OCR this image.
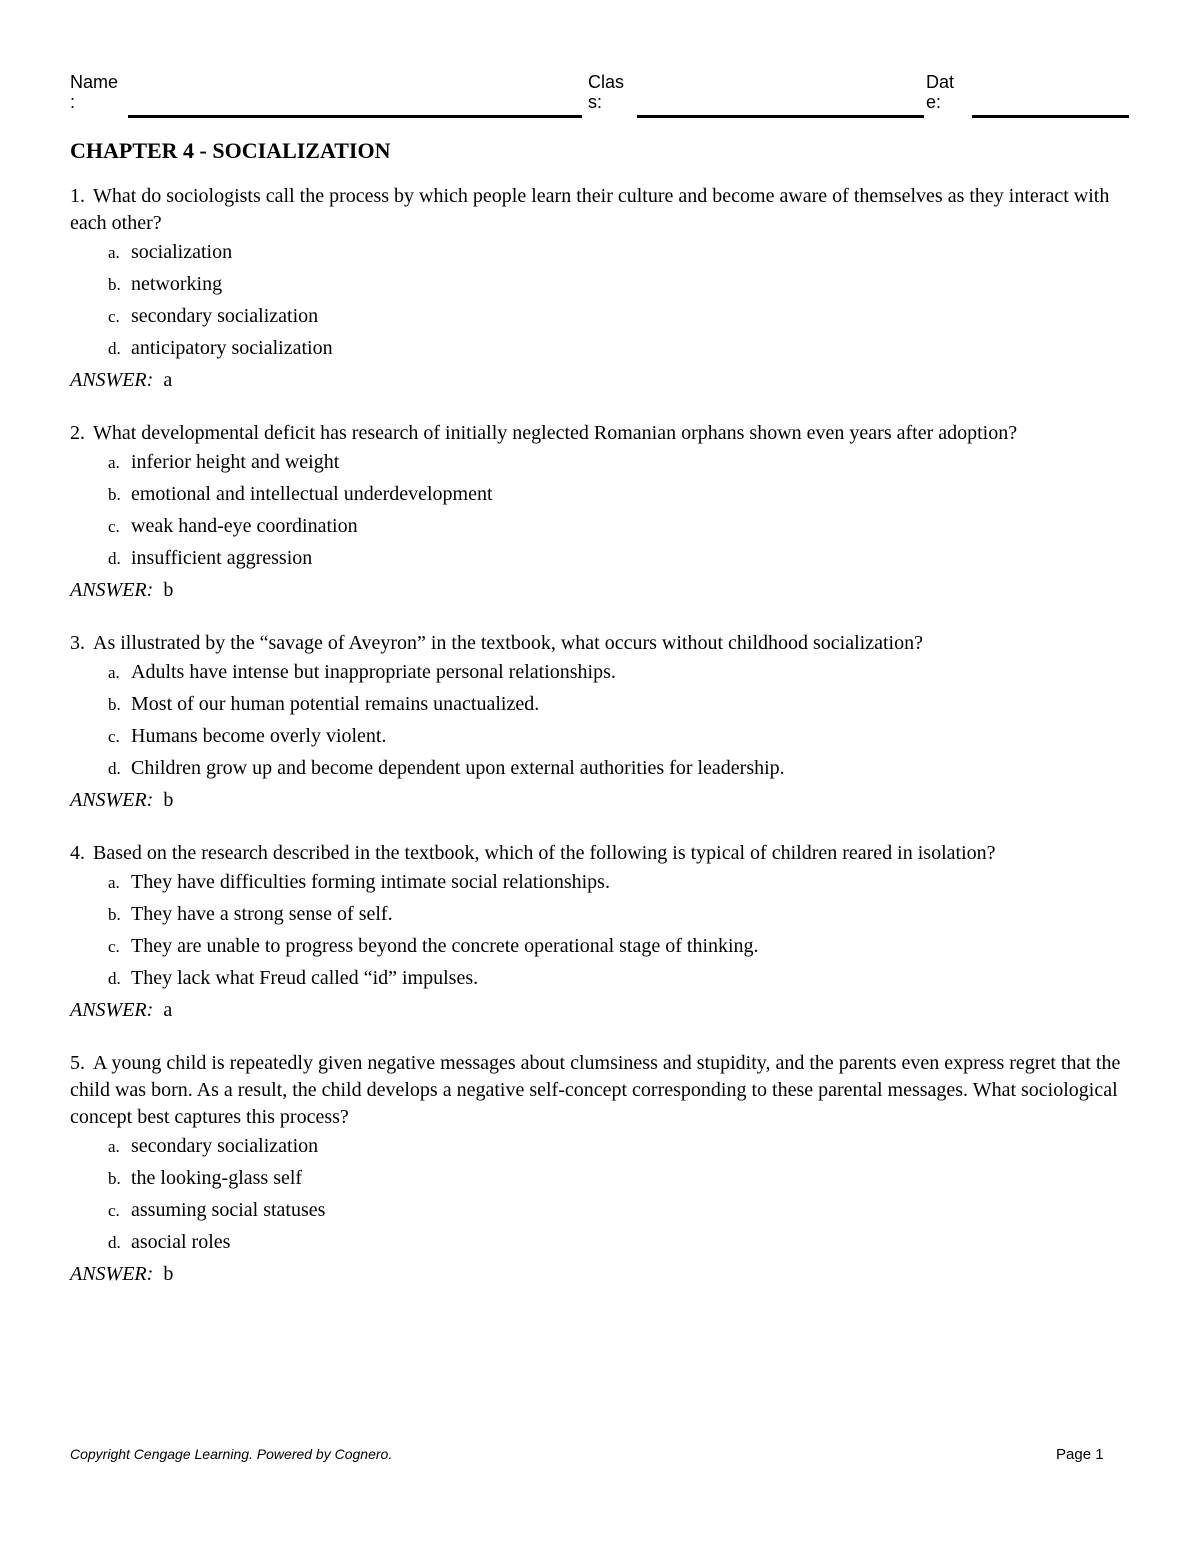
Name
:
Clas
s:
Dat
e:
CHAPTER 4 - SOCIALIZATION
1. What do sociologists call the process by which people learn their culture and become aware of themselves as they interact with each other?
a. socialization
b. networking
c. secondary socialization
d. anticipatory socialization
ANSWER: a
2. What developmental deficit has research of initially neglected Romanian orphans shown even years after adoption?
a. inferior height and weight
b. emotional and intellectual underdevelopment
c. weak hand-eye coordination
d. insufficient aggression
ANSWER: b
3. As illustrated by the “savage of Aveyron” in the textbook, what occurs without childhood socialization?
a. Adults have intense but inappropriate personal relationships.
b. Most of our human potential remains unactualized.
c. Humans become overly violent.
d. Children grow up and become dependent upon external authorities for leadership.
ANSWER: b
4. Based on the research described in the textbook, which of the following is typical of children reared in isolation?
a. They have difficulties forming intimate social relationships.
b. They have a strong sense of self.
c. They are unable to progress beyond the concrete operational stage of thinking.
d. They lack what Freud called “id” impulses.
ANSWER: a
5. A young child is repeatedly given negative messages about clumsiness and stupidity, and the parents even express regret that the child was born. As a result, the child develops a negative self-concept corresponding to these parental messages. What sociological concept best captures this process?
a. secondary socialization
b. the looking-glass self
c. assuming social statuses
d. asocial roles
ANSWER: b
Copyright Cengage Learning. Powered by Cognero.	Page 1
